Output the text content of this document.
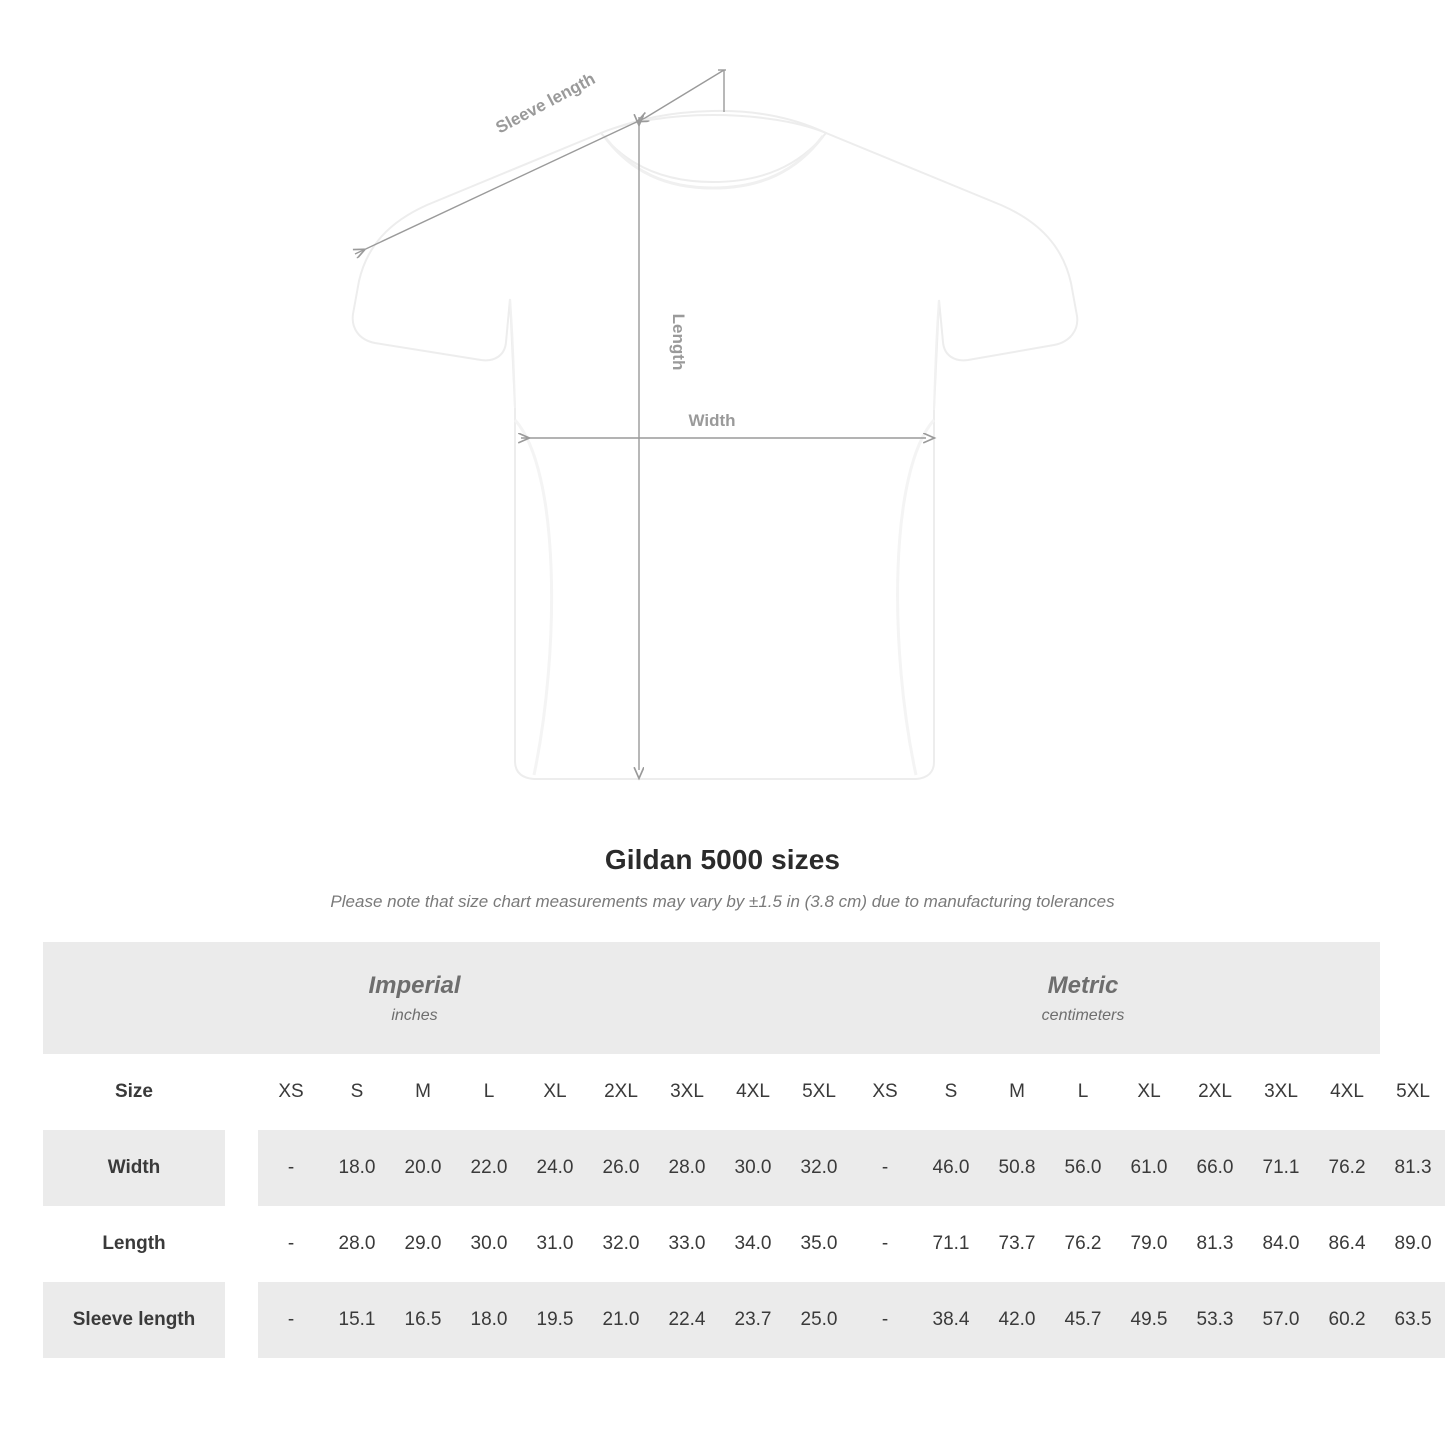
Sleeve length
Length
Width
Gildan 5000 sizes
Please note that size chart measurements may vary by ±1.5 in (3.8 cm) due to manufacturing tolerances
Imperial
inches

Metric
centimeters

Size		XS	S	M	L	XL	2XL	3XL	4XL	5XL	XS	S	M	L	XL	2XL	3XL	4XL	5XL
Width		-	18.0	20.0	22.0	24.0	26.0	28.0	30.0	32.0	-	46.0	50.8	56.0	61.0	66.0	71.1	76.2	81.3
Length		-	28.0	29.0	30.0	31.0	32.0	33.0	34.0	35.0	-	71.1	73.7	76.2	79.0	81.3	84.0	86.4	89.0
Sleeve length		-	15.1	16.5	18.0	19.5	21.0	22.4	23.7	25.0	-	38.4	42.0	45.7	49.5	53.3	57.0	60.2	63.5
